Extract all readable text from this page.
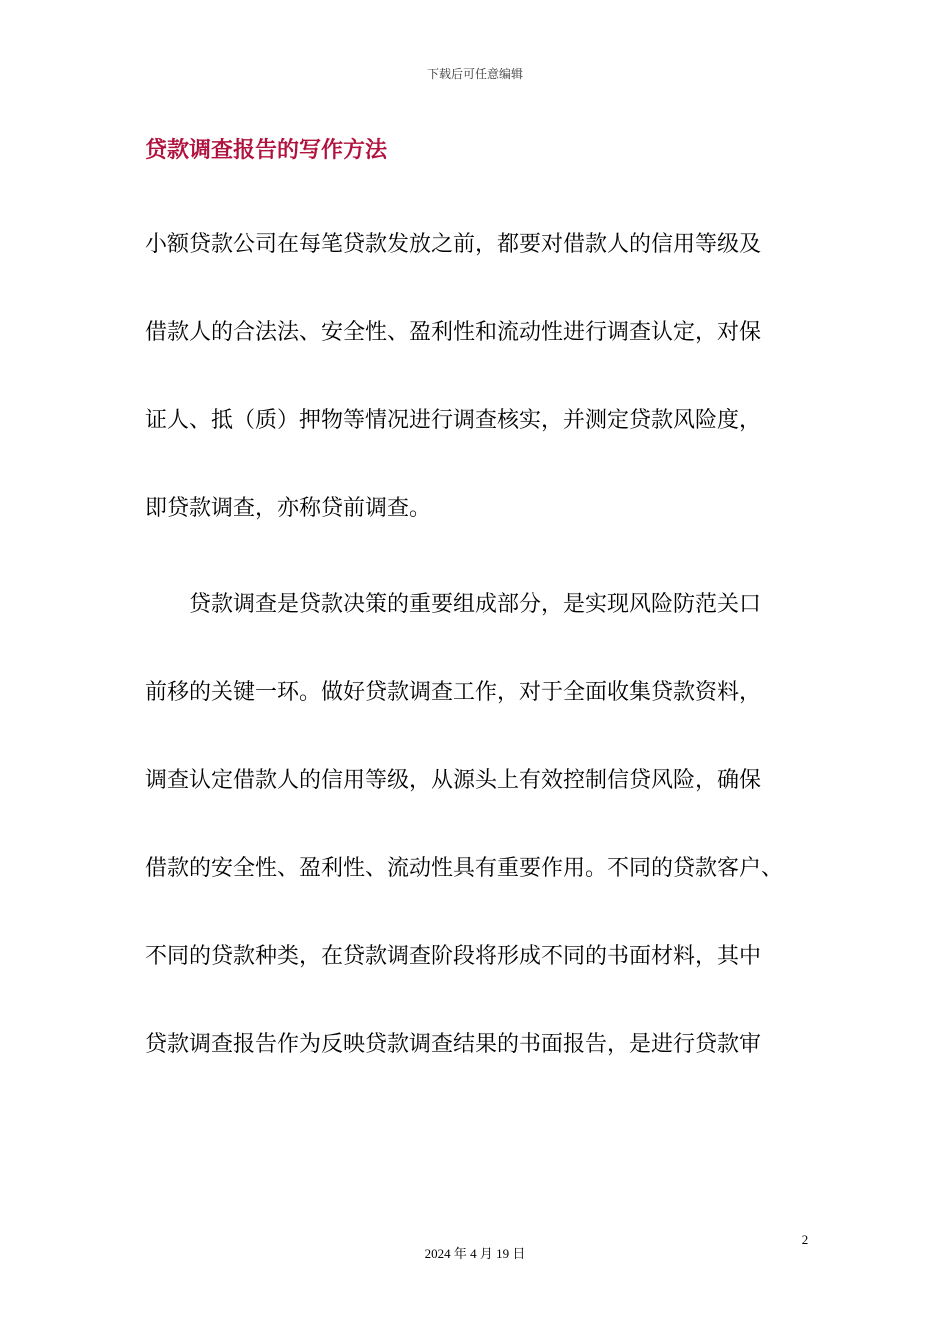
下载后可任意编辑
贷款调查报告的写作方法

小额贷款公司在每笔贷款发放之前，都要对借款人的信用等级及

借款人的合法法、安全性、盈利性和流动性进行调查认定，对保

证人、抵（质）押物等情况进行调查核实，并测定贷款风险度，

即贷款调查，亦称贷前调查。

贷款调查是贷款决策的重要组成部分，是实现风险防范关口

前移的关键一环。做好贷款调查工作，对于全面收集贷款资料，

调查认定借款人的信用等级，从源头上有效控制信贷风险，确保

借款的安全性、盈利性、流动性具有重要作用。不同的贷款客户、

不同的贷款种类，在贷款调查阶段将形成不同的书面材料，其中

贷款调查报告作为反映贷款调查结果的书面报告，是进行贷款审

2
2024 年 4 月 19 日
